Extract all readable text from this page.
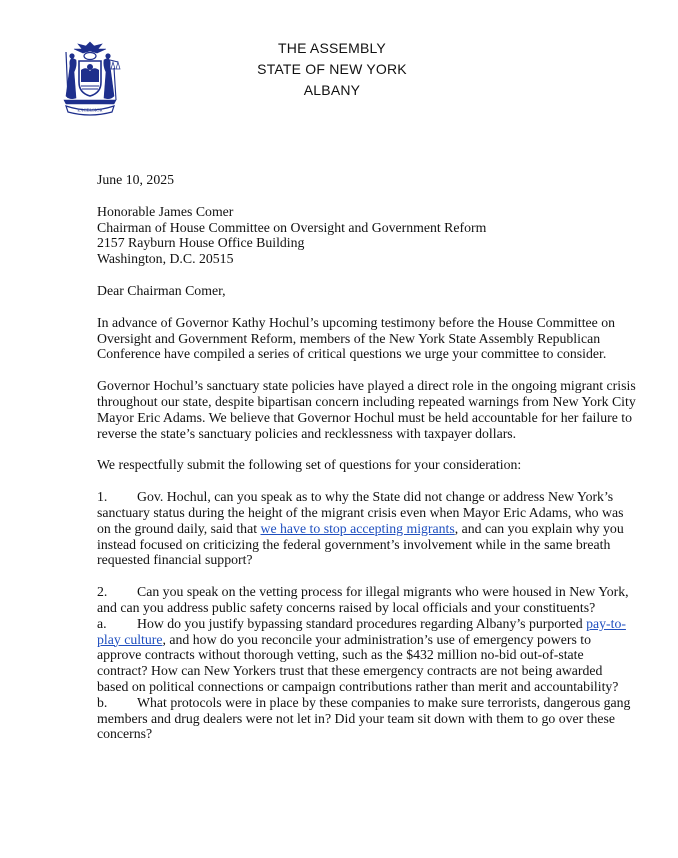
EXCELSIOR
THE ASSEMBLY
STATE OF NEW YORK
ALBANY

June 10, 2025

Honorable James Comer

Chairman of House Committee on Oversight and Government Reform

2157 Rayburn House Office Building

Washington, D.C. 20515

Dear Chairman Comer,

In advance of Governor Kathy Hochul’s upcoming testimony before the House Committee on Oversight and Government Reform, members of the New York State Assembly Republican Conference have compiled a series of critical questions we urge your committee to consider.

Governor Hochul’s sanctuary state policies have played a direct role in the ongoing migrant crisis throughout our state, despite bipartisan concern including repeated warnings from New York City Mayor Eric Adams. We believe that Governor Hochul must be held accountable for her failure to reverse the state’s sanctuary policies and recklessness with taxpayer dollars.

We respectfully submit the following set of questions for your consideration:

1. Gov. Hochul, can you speak as to why the State did not change or address New York’s sanctuary status during the height of the migrant crisis even when Mayor Eric Adams, who was on the ground daily, said that we have to stop accepting migrants, and can you explain why you instead focused on criticizing the federal government’s involvement while in the same breath requested financial support?

2. Can you speak on the vetting process for illegal migrants who were housed in New York, and can you address public safety concerns raised by local officials and your constituents?

a. How do you justify bypassing standard procedures regarding Albany’s purported pay-to-play culture, and how do you reconcile your administration’s use of emergency powers to approve contracts without thorough vetting, such as the $432 million no-bid out-of-state contract? How can New Yorkers trust that these emergency contracts are not being awarded based on political connections or campaign contributions rather than merit and accountability?

b. What protocols were in place by these companies to make sure terrorists, dangerous gang members and drug dealers were not let in? Did your team sit down with them to go over these concerns?
